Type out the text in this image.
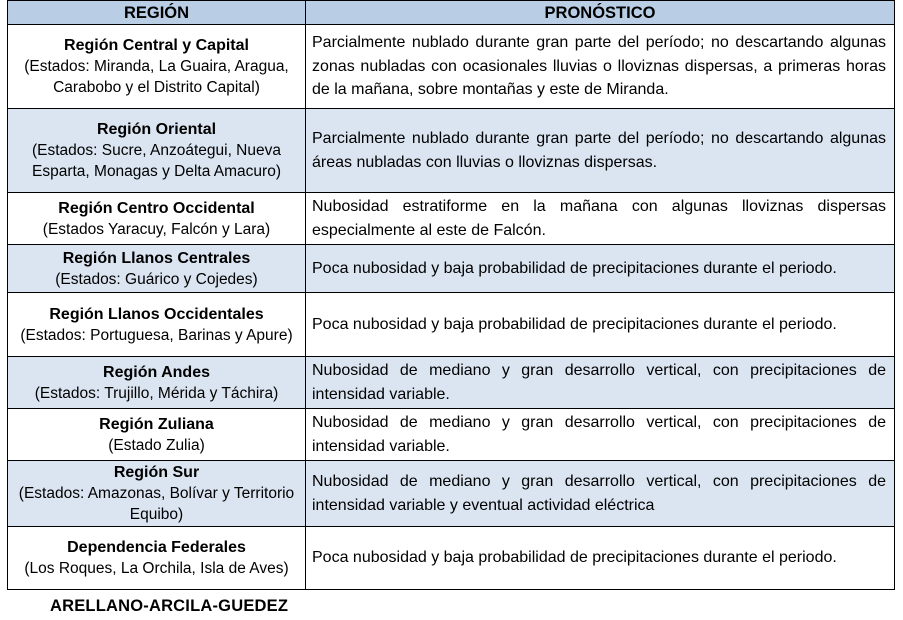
REGIÓN	PRONÓSTICO

Región Central y Capital
(Estados: Miranda, La Guaira, Aragua, Carabobo y el Distrito Capital)	Parcialmente nublado durante gran parte del período; no descartando algunas zonas nubladas con ocasionales lluvias o lloviznas dispersas, a primeras horas de la mañana, sobre montañas y este de Miranda.

Región Oriental
(Estados: Sucre, Anzoátegui, Nueva Esparta, Monagas y Delta Amacuro)	Parcialmente nublado durante gran parte del período; no descartando algunas áreas nubladas con lluvias o lloviznas dispersas.

Región Centro Occidental
(Estados Yaracuy, Falcón y Lara)	Nubosidad estratiforme en la mañana con algunas lloviznas dispersas especialmente al este de Falcón.

Región Llanos Centrales
(Estados: Guárico y Cojedes)	Poca nubosidad y baja probabilidad de precipitaciones durante el periodo.

Región Llanos Occidentales
(Estados: Portuguesa, Barinas y Apure)	Poca nubosidad y baja probabilidad de precipitaciones durante el periodo.

Región Andes
(Estados: Trujillo, Mérida y Táchira)	Nubosidad de mediano y gran desarrollo vertical, con precipitaciones de intensidad variable.

Región Zuliana
(Estado Zulia)	Nubosidad de mediano y gran desarrollo vertical, con precipitaciones de intensidad variable.

Región Sur
(Estados: Amazonas, Bolívar y Territorio Equibo)	Nubosidad de mediano y gran desarrollo vertical, con precipitaciones de intensidad variable y eventual actividad eléctrica

Dependencia Federales
(Los Roques, La Orchila, Isla de Aves)	Poca nubosidad y baja probabilidad de precipitaciones durante el periodo.
ARELLANO-ARCILA-GUEDEZ
